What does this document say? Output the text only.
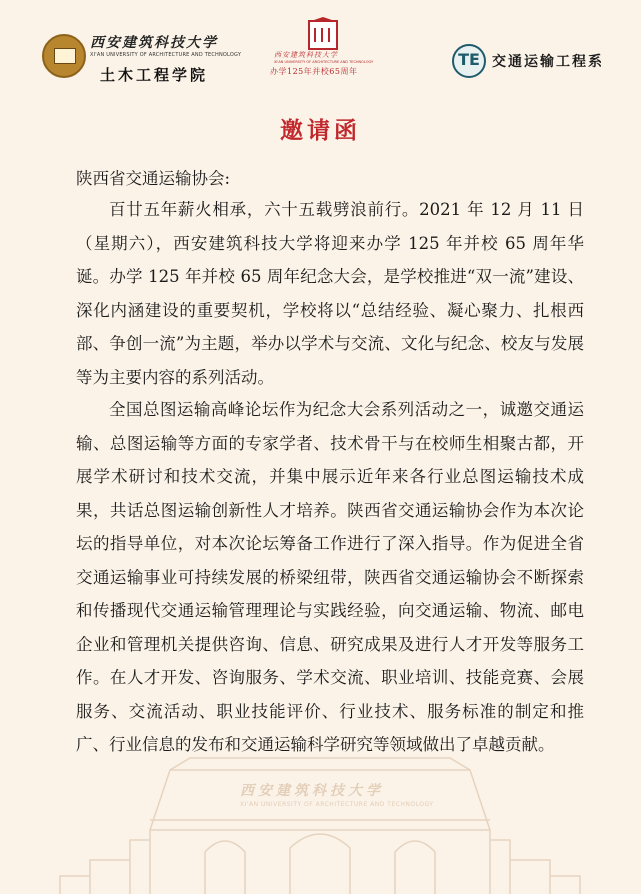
西安建筑科技大学
XI'AN UNIVERSITY OF ARCHITECTURE AND TECHNOLOGY
土木工程学院
西安建筑科技大学
XI'AN UNIVERSITY OF ARCHITECTURE AND TECHNOLOGY
办学125年并校65周年
TE 交通运输工程系
邀请函
陕西省交通运输协会:

百廿五年薪火相承，六十五载劈浪前行。2021 年 12 月 11 日（星期六），西安建筑科技大学将迎来办学 125 年并校 65 周年华诞。办学 125 年并校 65 周年纪念大会，是学校推进“双一流”建设、深化内涵建设的重要契机，学校将以“总结经验、凝心聚力、扎根西部、争创一流”为主题，举办以学术与交流、文化与纪念、校友与发展等为主要内容的系列活动。

全国总图运输高峰论坛作为纪念大会系列活动之一，诚邀交通运输、总图运输等方面的专家学者、技术骨干与在校师生相聚古都，开展学术研讨和技术交流，并集中展示近年来各行业总图运输技术成果，共话总图运输创新性人才培养。陕西省交通运输协会作为本次论坛的指导单位，对本次论坛筹备工作进行了深入指导。作为促进全省交通运输事业可持续发展的桥梁纽带，陕西省交通运输协会不断探索和传播现代交通运输管理理论与实践经验，向交通运输、物流、邮电企业和管理机关提供咨询、信息、研究成果及进行人才开发等服务工作。在人才开发、咨询服务、学术交流、职业培训、技能竞赛、会展服务、交流活动、职业技能评价、行业技术、服务标准的制定和推广、行业信息的发布和交通运输科学研究等领域做出了卓越贡献。

西安建筑科技大学
XI'AN UNIVERSITY OF ARCHITECTURE AND TECHNOLOGY
